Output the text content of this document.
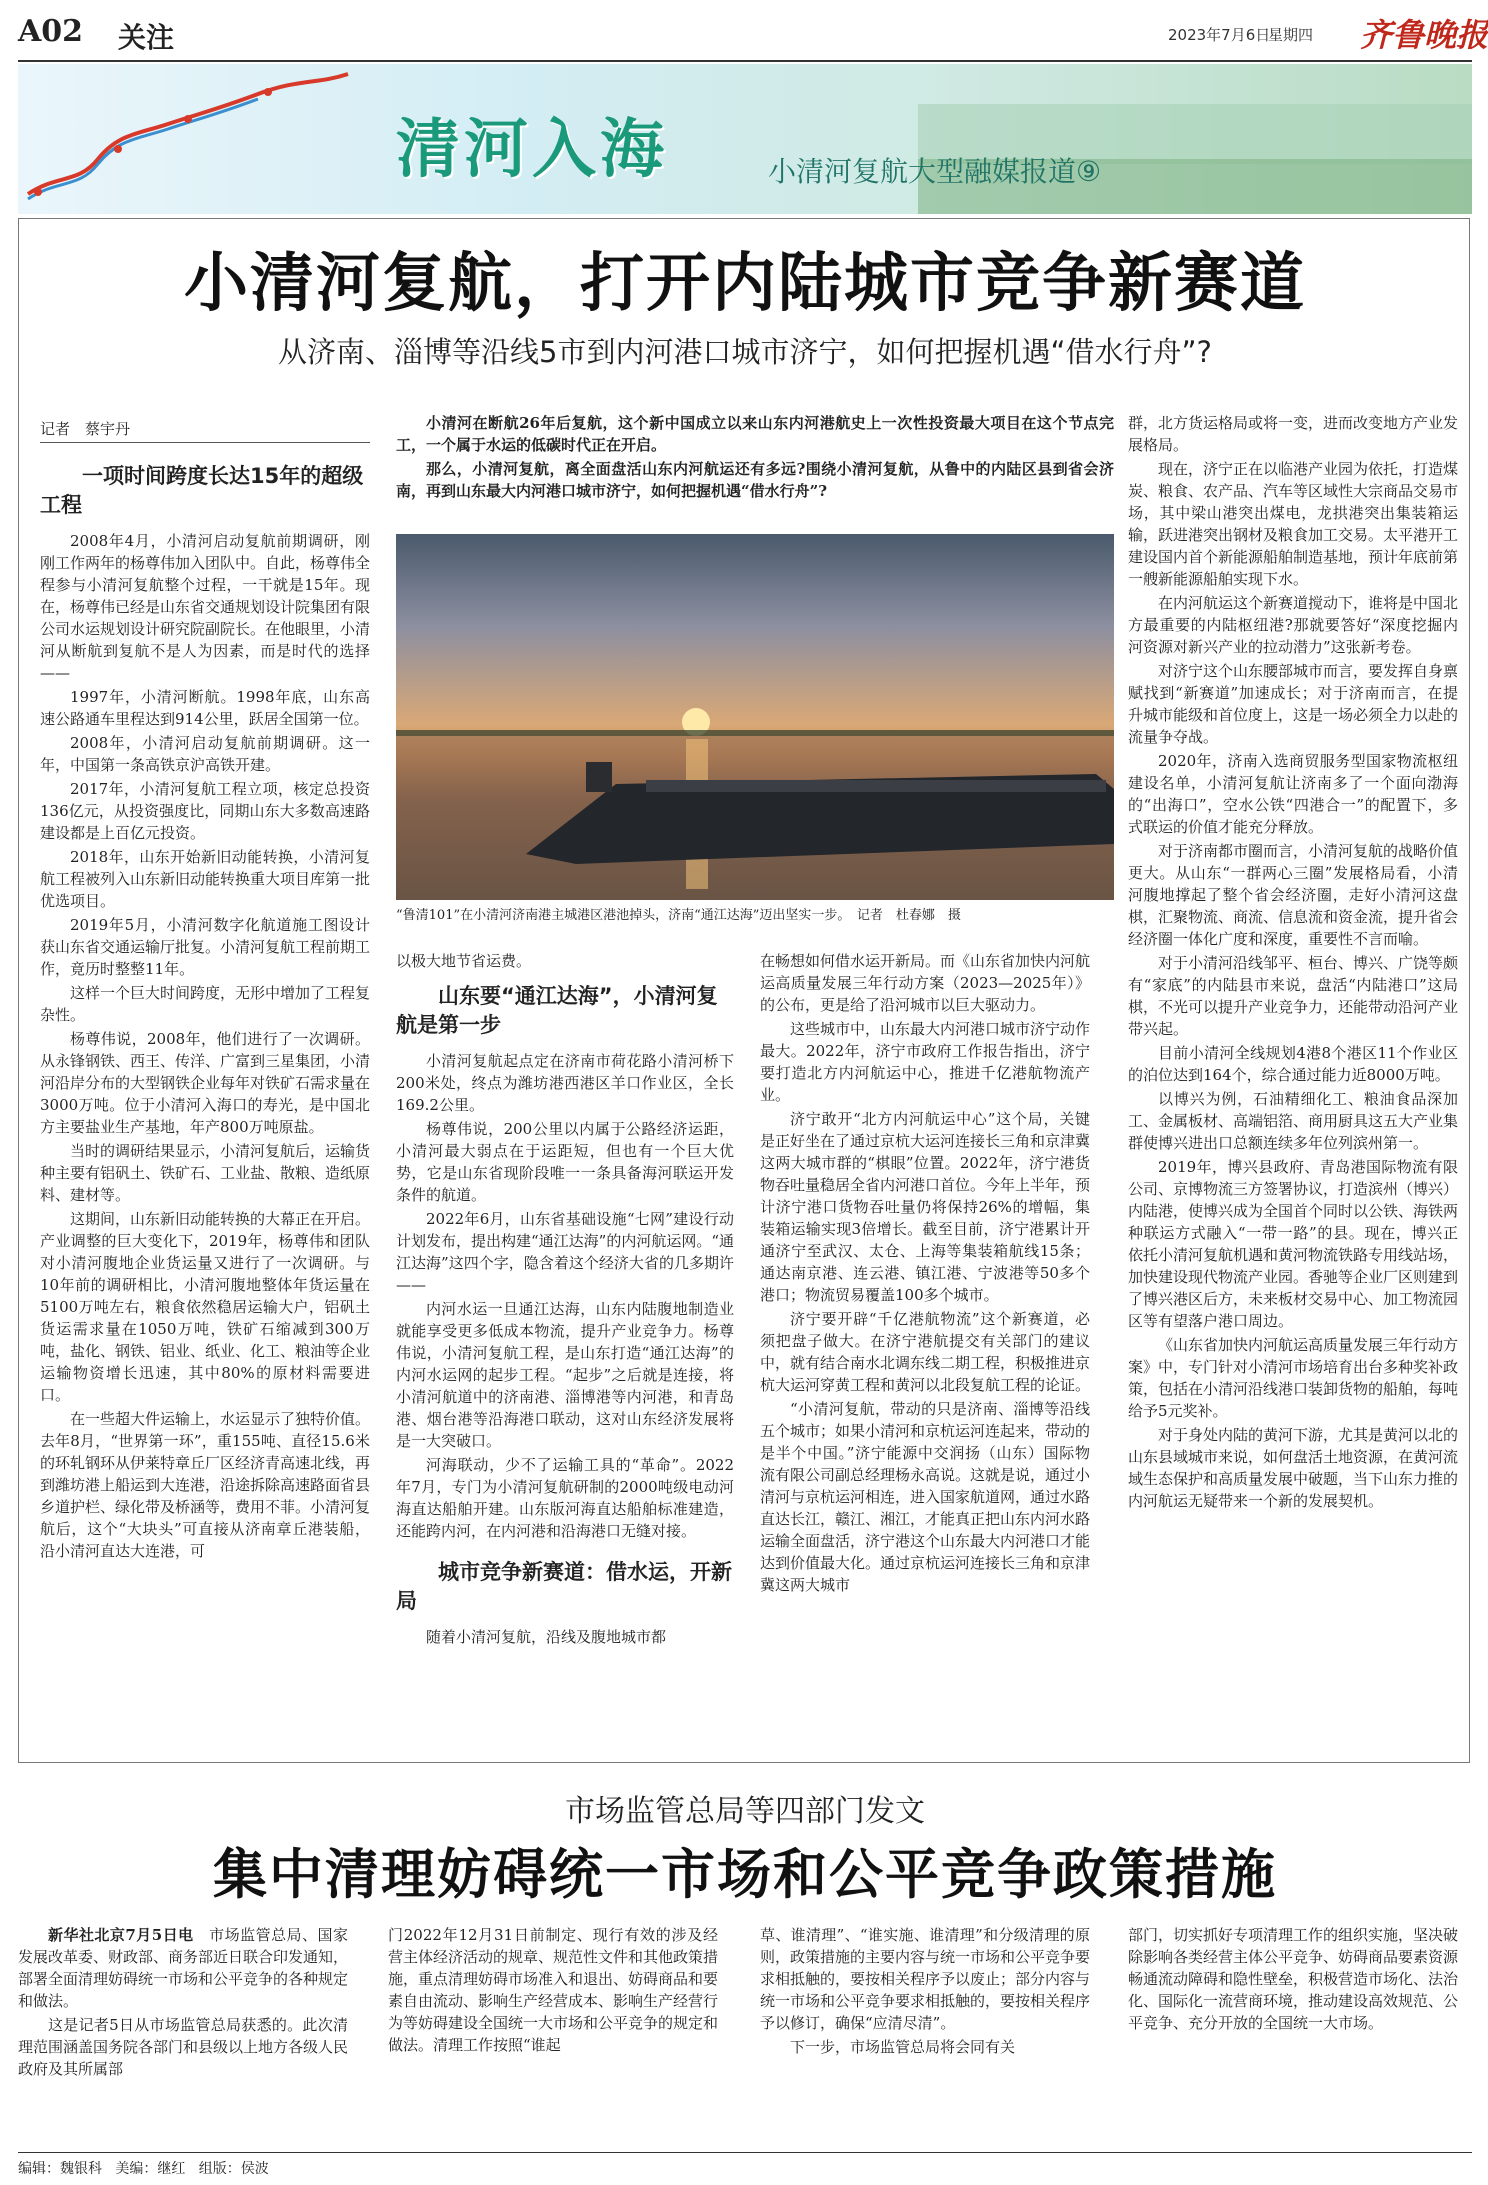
A02 关注	2023年7月6日
星期四 齐鲁晚报
清河入海	小清河复航大型融媒报道⑨
小清河复航，打开内陆城市竞争新赛道
从济南、淄博等沿线5市到内河港口城市济宁，如何把握机遇“借水行舟”?
记者　蔡宇丹
一项时间跨度长达15年的超级工程

2008年4月，小清河启动复航前期调研，刚刚工作两年的杨尊伟加入团队中。自此，杨尊伟全程参与小清河复航整个过程，一干就是15年。现在，杨尊伟已经是山东省交通规划设计院集团有限公司水运规划设计研究院副院长。在他眼里，小清河从断航到复航不是人为因素，而是时代的选择——

1997年，小清河断航。1998年底，山东高速公路通车里程达到914公里，跃居全国第一位。

2008年，小清河启动复航前期调研。这一年，中国第一条高铁京沪高铁开建。

2017年，小清河复航工程立项，核定总投资136亿元，从投资强度比，同期山东大多数高速路建设都是上百亿元投资。

2018年，山东开始新旧动能转换，小清河复航工程被列入山东新旧动能转换重大项目库第一批优选项目。

2019年5月，小清河数字化航道施工图设计获山东省交通运输厅批复。小清河复航工程前期工作，竟历时整整11年。

这样一个巨大时间跨度，无形中增加了工程复杂性。

杨尊伟说，2008年，他们进行了一次调研。从永锋钢铁、西王、传洋、广富到三星集团，小清河沿岸分布的大型钢铁企业每年对铁矿石需求量在3000万吨。位于小清河入海口的寿光，是中国北方主要盐业生产基地，年产800万吨原盐。

当时的调研结果显示，小清河复航后，运输货种主要有铝矾土、铁矿石、工业盐、散粮、造纸原料、建材等。

这期间，山东新旧动能转换的大幕正在开启。产业调整的巨大变化下，2019年，杨尊伟和团队对小清河腹地企业货运量又进行了一次调研。与10年前的调研相比，小清河腹地整体年货运量在5100万吨左右，粮食依然稳居运输大户，铝矾土货运需求量在1050万吨，铁矿石缩减到300万吨，盐化、钢铁、铝业、纸业、化工、粮油等企业运输物资增长迅速，其中80%的原材料需要进口。

在一些超大件运输上，水运显示了独特价值。去年8月，“世界第一环”，重155吨、直径15.6米的环轧钢环从伊莱特章丘厂区经济青高速北线，再到潍坊港上船运到大连港，沿途拆除高速路面省县乡道护栏、绿化带及桥涵等，费用不菲。小清河复航后，这个“大块头”可直接从济南章丘港装船，沿小清河直达大连港，可

小清河在断航26年后复航，这个新中国成立以来山东内河港航史上一次性投资最大项目在这个节点完工，一个属于水运的低碳时代正在开启。

那么，小清河复航，离全面盘活山东内河航运还有多远?围绕小清河复航，从鲁中的内陆区县到省会济南，再到山东最大内河港口城市济宁，如何把握机遇“借水行舟”?

“鲁清101”在小清河济南港主城港区港池掉头，济南“通江达海”迈出坚实一步。　记者　杜春娜　摄

以极大地节省运费。

山东要“通江达海”，小清河复航是第一步

小清河复航起点定在济南市荷花路小清河桥下200米处，终点为潍坊港西港区羊口作业区，全长169.2公里。

杨尊伟说，200公里以内属于公路经济运距，小清河最大弱点在于运距短，但也有一个巨大优势，它是山东省现阶段唯一一条具备海河联运开发条件的航道。

2022年6月，山东省基础设施“七网”建设行动计划发布，提出构建“通江达海”的内河航运网。“通江达海”这四个字，隐含着这个经济大省的几多期许——

内河水运一旦通江达海，山东内陆腹地制造业就能享受更多低成本物流，提升产业竞争力。杨尊伟说，小清河复航工程，是山东打造“通江达海”的内河水运网的起步工程。“起步”之后就是连接，将小清河航道中的济南港、淄博港等内河港，和青岛港、烟台港等沿海港口联动，这对山东经济发展将是一大突破口。

河海联动，少不了运输工具的“革命”。2022年7月，专门为小清河复航研制的2000吨级电动河海直达船舶开建。山东版河海直达船舶标准建造，还能跨内河，在内河港和沿海港口无缝对接。

城市竞争新赛道：借水运，开新局

随着小清河复航，沿线及腹地城市都

在畅想如何借水运开新局。而《山东省加快内河航运高质量发展三年行动方案（2023—2025年）》的公布，更是给了沿河城市以巨大驱动力。

这些城市中，山东最大内河港口城市济宁动作最大。2022年，济宁市政府工作报告指出，济宁要打造北方内河航运中心，推进千亿港航物流产业。

济宁敢开“北方内河航运中心”这个局，关键是正好坐在了通过京杭大运河连接长三角和京津冀这两大城市群的“棋眼”位置。2022年，济宁港货物吞吐量稳居全省内河港口首位。今年上半年，预计济宁港口货物吞吐量仍将保持26%的增幅，集装箱运输实现3倍增长。截至目前，济宁港累计开通济宁至武汉、太仓、上海等集装箱航线15条；通达南京港、连云港、镇江港、宁波港等50多个港口；物流贸易覆盖100多个城市。

济宁要开辟“千亿港航物流”这个新赛道，必须把盘子做大。在济宁港航提交有关部门的建议中，就有结合南水北调东线二期工程，积极推进京杭大运河穿黄工程和黄河以北段复航工程的论证。

“小清河复航，带动的只是济南、淄博等沿线五个城市；如果小清河和京杭运河连起来，带动的是半个中国。”济宁能源中交润扬（山东）国际物流有限公司副总经理杨永高说。这就是说，通过小清河与京杭运河相连，进入国家航道网，通过水路直达长江，赣江、湘江，才能真正把山东内河水路运输全面盘活，济宁港这个山东最大内河港口才能达到价值最大化。通过京杭运河连接长三角和京津冀这两大城市

群，北方货运格局或将一变，进而改变地方产业发展格局。

现在，济宁正在以临港产业园为依托，打造煤炭、粮食、农产品、汽车等区域性大宗商品交易市场，其中梁山港突出煤电，龙拱港突出集装箱运输，跃进港突出钢材及粮食加工交易。太平港开工建设国内首个新能源船舶制造基地，预计年底前第一艘新能源船舶实现下水。

在内河航运这个新赛道搅动下，谁将是中国北方最重要的内陆枢纽港?那就要答好“深度挖掘内河资源对新兴产业的拉动潜力”这张新考卷。

对济宁这个山东腰部城市而言，要发挥自身禀赋找到“新赛道”加速成长；对于济南而言，在提升城市能级和首位度上，这是一场必须全力以赴的流量争夺战。

2020年，济南入选商贸服务型国家物流枢纽建设名单，小清河复航让济南多了一个面向渤海的“出海口”，空水公铁“四港合一”的配置下，多式联运的价值才能充分释放。

对于济南都市圈而言，小清河复航的战略价值更大。从山东“一群两心三圈”发展格局看，小清河腹地撑起了整个省会经济圈，走好小清河这盘棋，汇聚物流、商流、信息流和资金流，提升省会经济圈一体化广度和深度，重要性不言而喻。

对于小清河沿线邹平、桓台、博兴、广饶等颇有“家底”的内陆县市来说，盘活“内陆港口”这局棋，不光可以提升产业竞争力，还能带动沿河产业带兴起。

目前小清河全线规划4港8个港区11个作业区的泊位达到164个，综合通过能力近8000万吨。

以博兴为例，石油精细化工、粮油食品深加工、金属板材、高端铝箔、商用厨具这五大产业集群使博兴进出口总额连续多年位列滨州第一。

2019年，博兴县政府、青岛港国际物流有限公司、京博物流三方签署协议，打造滨州（博兴）内陆港，使博兴成为全国首个同时以公铁、海铁两种联运方式融入“一带一路”的县。现在，博兴正依托小清河复航机遇和黄河物流铁路专用线站场，加快建设现代物流产业园。香驰等企业厂区则建到了博兴港区后方，未来板材交易中心、加工物流园区等有望落户港口周边。

《山东省加快内河航运高质量发展三年行动方案》中，专门针对小清河市场培育出台多种奖补政策，包括在小清河沿线港口装卸货物的船舶，每吨给予5元奖补。

对于身处内陆的黄河下游，尤其是黄河以北的山东县域城市来说，如何盘活土地资源，在黄河流域生态保护和高质量发展中破题，当下山东力推的内河航运无疑带来一个新的发展契机。

市场监管总局等四部门发文
集中清理妨碍统一市场和公平竞争政策措施

新华社北京7月5日电　 市场监管总局、国家发展改革委、财政部、商务部近日联合印发通知，部署全面清理妨碍统一市场和公平竞争的各种规定和做法。

这是记者5日从市场监管总局获悉的。此次清理范围涵盖国务院各部门和县级以上地方各级人民政府及其所属部

门2022年12月31日前制定、现行有效的涉及经营主体经济活动的规章、规范性文件和其他政策措施，重点清理妨碍市场准入和退出、妨碍商品和要素自由流动、影响生产经营成本、影响生产经营行为等妨碍建设全国统一大市场和公平竞争的规定和做法。清理工作按照“谁起

草、谁清理”、“谁实施、谁清理”和分级清理的原则，政策措施的主要内容与统一市场和公平竞争要求相抵触的，要按相关程序予以废止；部分内容与统一市场和公平竞争要求相抵触的，要按相关程序予以修订，确保“应清尽清”。

下一步，市场监管总局将会同有关

部门，切实抓好专项清理工作的组织实施，坚决破除影响各类经营主体公平竞争、妨碍商品要素资源畅通流动障碍和隐性壁垒，积极营造市场化、法治化、国际化一流营商环境，推动建设高效规范、公平竞争、充分开放的全国统一大市场。

编辑：魏银科 美编：继红 组版：侯波
